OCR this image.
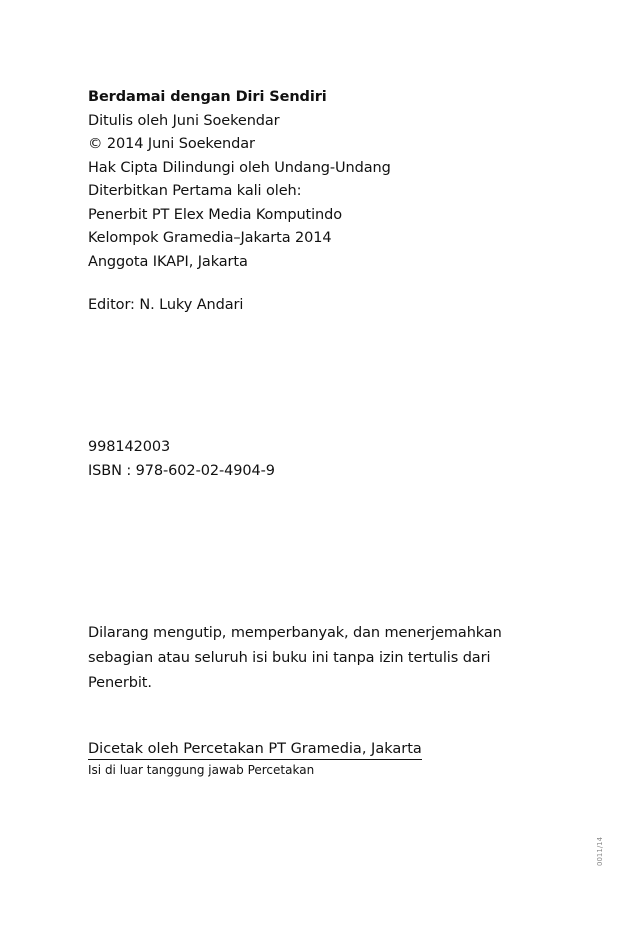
Berdamai dengan Diri Sendiri
Ditulis oleh Juni Soekendar
© 2014 Juni Soekendar
Hak Cipta Dilindungi oleh Undang-Undang
Diterbitkan Pertama kali oleh:
Penerbit PT Elex Media Komputindo
Kelompok Gramedia–Jakarta 2014
Anggota IKAPI, Jakarta
Editor: N. Luky Andari
998142003
ISBN : 978-602-02-4904-9
Dilarang mengutip, memperbanyak, dan menerjemahkan
sebagian atau seluruh isi buku ini tanpa izin tertulis dari
Penerbit.
Dicetak oleh Percetakan PT Gramedia, Jakarta
Isi di luar tanggung jawab Percetakan
0011/14
